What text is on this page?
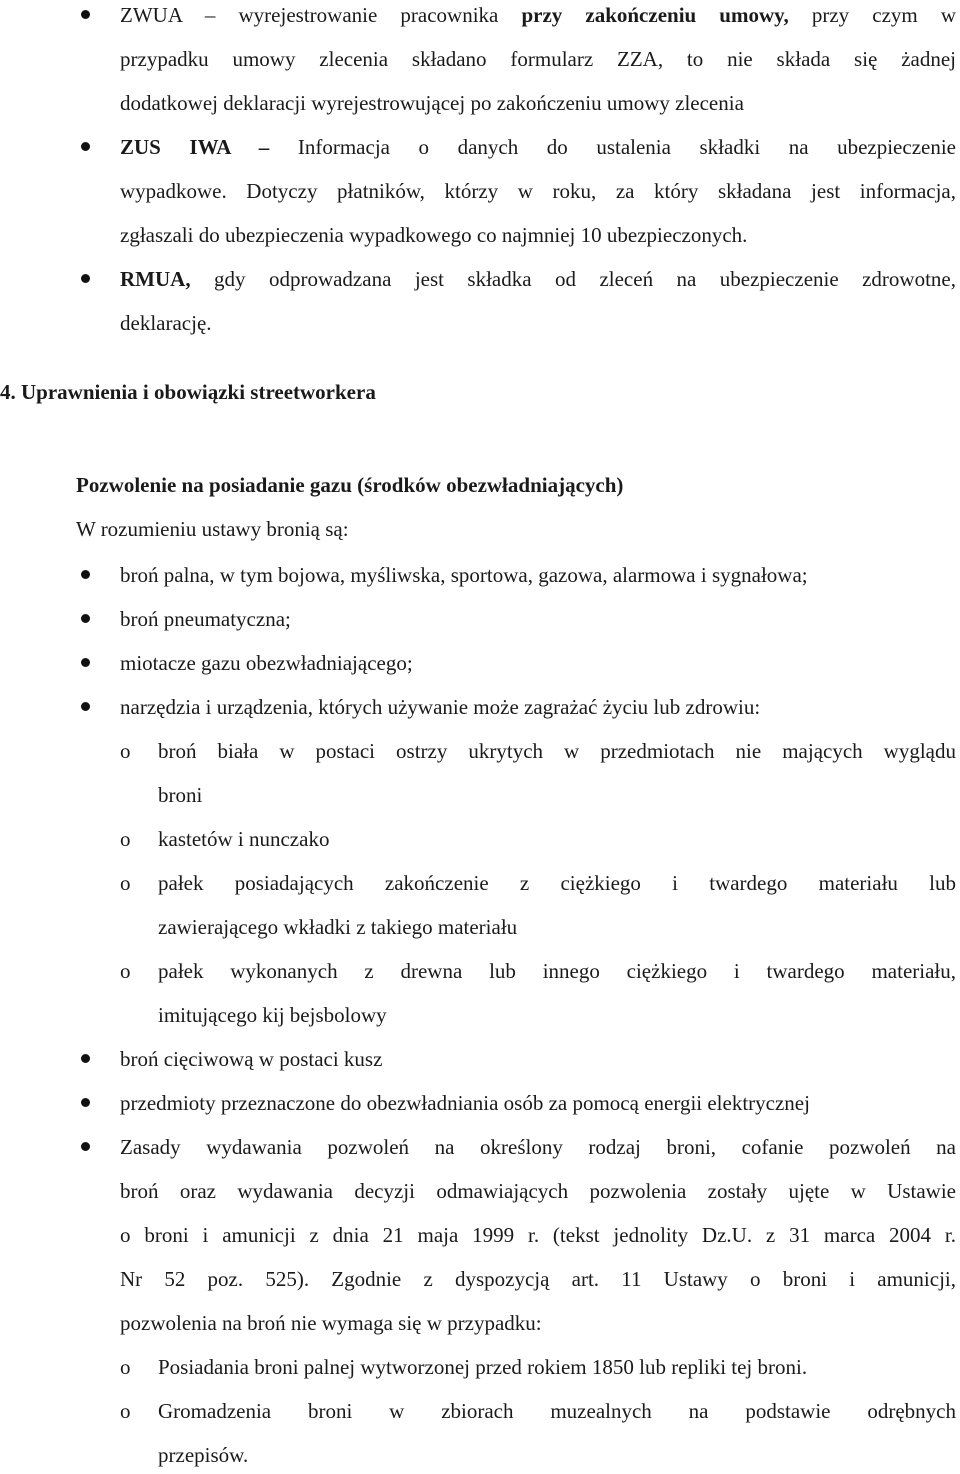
ZWUA – wyrejestrowanie pracownika przy zakończeniu umowy, przy czym w
przypadku umowy zlecenia składano formularz ZZA, to nie składa się żadnej
dodatkowej deklaracji wyrejestrowującej po zakończeniu umowy zlecenia
ZUS IWA – Informacja o danych do ustalenia składki na ubezpieczenie
wypadkowe. Dotyczy płatników, którzy w roku, za który składana jest informacja,
zgłaszali do ubezpieczenia wypadkowego co najmniej 10 ubezpieczonych.
RMUA, gdy odprowadzana jest składka od zleceń na ubezpieczenie zdrowotne,
deklarację.
4. Uprawnienia i obowiązki streetworkera
Pozwolenie na posiadanie gazu (środków obezwładniających)
W rozumieniu ustawy bronią są:
broń palna, w tym bojowa, myśliwska, sportowa, gazowa, alarmowa i sygnałowa;
broń pneumatyczna;
miotacze gazu obezwładniającego;
narzędzia i urządzenia, których używanie może zagrażać życiu lub zdrowiu:
o broń biała w postaci ostrzy ukrytych w przedmiotach nie mających wyglądu
broni
o kastetów i nunczako
o pałek posiadających zakończenie z ciężkiego i twardego materiału lub
zawierającego wkładki z takiego materiału
o pałek wykonanych z drewna lub innego ciężkiego i twardego materiału,
imitującego kij bejsbolowy
broń cięciwową w postaci kusz
przedmioty przeznaczone do obezwładniania osób za pomocą energii elektrycznej
Zasady wydawania pozwoleń na określony rodzaj broni, cofanie pozwoleń na
broń oraz wydawania decyzji odmawiających pozwolenia zostały ujęte w Ustawie
o broni i amunicji z dnia 21 maja 1999 r. (tekst jednolity Dz.U. z 31 marca 2004 r.
Nr 52 poz. 525). Zgodnie z dyspozycją art. 11 Ustawy o broni i amunicji,
pozwolenia na broń nie wymaga się w przypadku:
o Posiadania broni palnej wytworzonej przed rokiem 1850 lub repliki tej broni.
o Gromadzenia broni w zbiorach muzealnych na podstawie odrębnych
przepisów.
